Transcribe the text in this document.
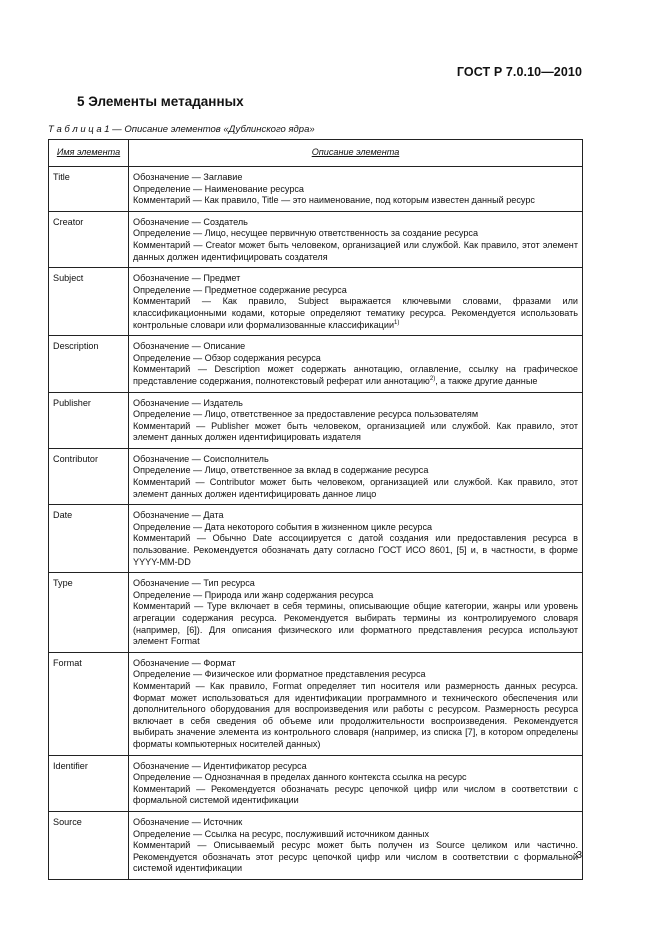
ГОСТ Р 7.0.10—2010
5 Элементы метаданных
Т а б л и ц а 1 — Описание элементов «Дублинского ядра»
Имя элемента	Описание элемента
Title	Обозначение — Заглавие
Определение — Наименование ресурса
Комментарий — Как правило, Title — это наименование, под которым известен данный ресурс

Creator	Обозначение — Создатель
Определение — Лицо, несущее первичную ответственность за создание ресурса
Комментарий — Creator может быть человеком, организацией или службой. Как правило, этот элемент данных должен идентифицировать создателя

Subject	Обозначение — Предмет
Определение — Предметное содержание ресурса
Комментарий — Как правило, Subject выражается ключевыми словами, фразами или классификационными кодами, которые определяют тематику ресурса. Рекомендуется использовать контрольные словари или формализованные классификации$^{1)}$

Description	Обозначение — Описание
Определение — Обзор содержания ресурса
Комментарий — Description может содержать аннотацию, оглавление, ссылку на графическое представление содержания, полнотекстовый реферат или аннотацию$^{2)}$, а также другие данные

Publisher	Обозначение — Издатель
Определение — Лицо, ответственное за предоставление ресурса пользователям
Комментарий — Publisher может быть человеком, организацией или службой. Как правило, этот элемент данных должен идентифицировать издателя

Contributor	Обозначение — Соисполнитель
Определение — Лицо, ответственное за вклад в содержание ресурса
Комментарий — Contributor может быть человеком, организацией или службой. Как правило, этот элемент данных должен идентифицировать данное лицо

Date	Обозначение — Дата
Определение — Дата некоторого события в жизненном цикле ресурса
Комментарий — Обычно Date ассоциируется с датой создания или предоставления ресурса в пользование. Рекомендуется обозначать дату согласно ГОСТ ИСО 8601, [5] и, в частности, в форме YYYY-MM-DD

Type	Обозначение — Тип ресурса
Определение — Природа или жанр содержания ресурса
Комментарий — Type включает в себя термины, описывающие общие категории, жанры или уровень агрегации содержания ресурса. Рекомендуется выбирать термины из контролируемого словаря (например, [6]). Для описания физического или форматного представления ресурса используют элемент Format

Format	Обозначение — Формат
Определение — Физическое или форматное представления ресурса
Комментарий — Как правило, Format определяет тип носителя или размерность данных ресурса. Формат может использоваться для идентификации программного и технического обеспечения или дополнительного оборудования для воспроизведения или работы с ресурсом. Размерность ресурса включает в себя сведения об объеме или продолжительности воспроизведения. Рекомендуется выбирать значение элемента из контрольного словаря (например, из списка [7], в котором определены форматы компьютерных носителей данных)

Identifier	Обозначение — Идентификатор ресурса
Определение — Однозначная в пределах данного контекста ссылка на ресурс
Комментарий — Рекомендуется обозначать ресурс цепочкой цифр или числом в соответствии с формальной системой идентификации

Source	Обозначение — Источник
Определение — Ссылка на ресурс, послуживший источником данных
Комментарий — Описываемый ресурс может быть получен из Source целиком или частично. Рекомендуется обозначать этот ресурс цепочкой цифр или числом в соответствии с формальной системой идентификации
3
